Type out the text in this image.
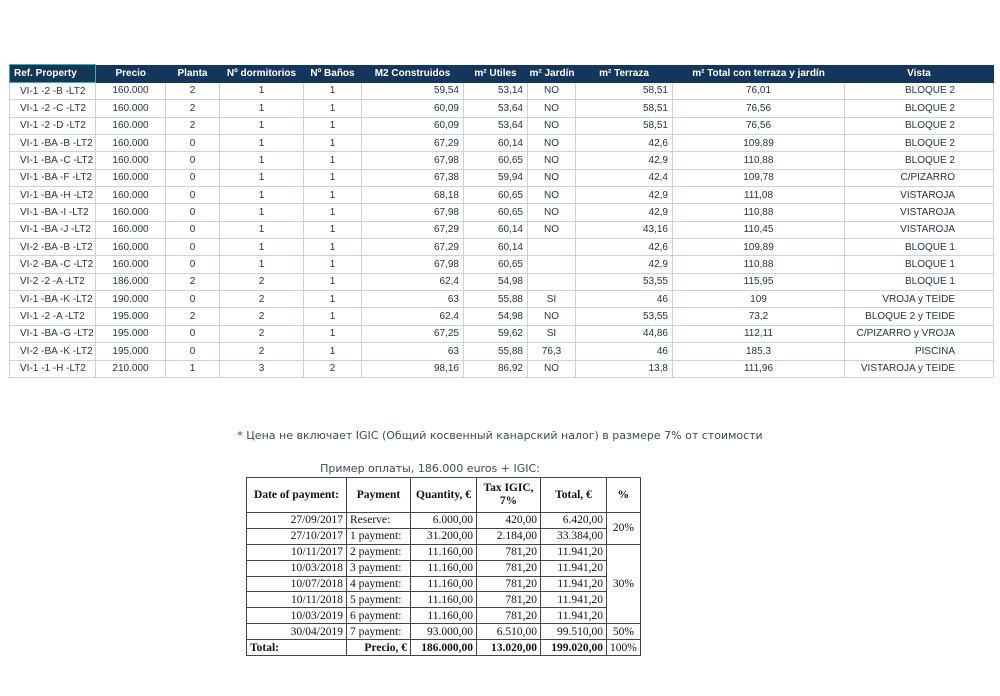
Ref. Property	Precio	Planta	Nº dormitorios	Nº Baños	M2 Construidos	m² Utiles	m² Jardín	m² Terraza	m² Total con terraza y jardín	Vista
VI-1 -2 -B -LT2	160.000	2	1	1	59,54	53,14	NO	58,51	76,01	BLOQUE 2
VI-1 -2 -C -LT2	160.000	2	1	1	60,09	53,64	NO	58,51	76,56	BLOQUE 2
VI-1 -2 -D -LT2	160.000	2	1	1	60,09	53,64	NO	58,51	76,56	BLOQUE 2
VI-1 -BA -B -LT2	160.000	0	1	1	67,29	60,14	NO	42,6	109,89	BLOQUE 2
VI-1 -BA -C -LT2	160.000	0	1	1	67,98	60,65	NO	42,9	110,88	BLOQUE 2
VI-1 -BA -F -LT2	160.000	0	1	1	67,38	59,94	NO	42,4	109,78	C/PIZARRO
VI-1 -BA -H -LT2	160.000	0	1	1	68,18	60,65	NO	42,9	111,08	VISTAROJA
VI-1 -BA -I -LT2	160.000	0	1	1	67,98	60,65	NO	42,9	110,88	VISTAROJA
VI-1 -BA -J -LT2	160.000	0	1	1	67,29	60,14	NO	43,16	110,45	VISTAROJA
VI-2 -BA -B -LT2	160.000	0	1	1	67,29	60,14		42,6	109,89	BLOQUE 1
VI-2 -BA -C -LT2	160.000	0	1	1	67,98	60,65		42,9	110,88	BLOQUE 1
VI-2 -2 -A -LT2	186.000	2	2	1	62,4	54,98		53,55	115,95	BLOQUE 1
VI-1 -BA -K -LT2	190.000	0	2	1	63	55,88	SI	46	109	VROJA y TEIDE
VI-1 -2 -A -LT2	195.000	2	2	1	62,4	54,98	NO	53,55	73,2	BLOQUE 2 y TEIDE
VI-1 -BA -G -LT2	195.000	0	2	1	67,25	59,62	SI	44,86	112,11	C/PIZARRO y VROJA
VI-2 -BA -K -LT2	195.000	0	2	1	63	55,88	76,3	46	185,3	PISCINA
VI-1 -1 -H -LT2	210.000	1	3	2	98,16	86,92	NO	13,8	111,96	VISTAROJA y TEIDE
* Цена не включает IGIC (Общий косвенный канарский налог) в размере 7% от стоимости
Пример оплаты, 186.000 euros + IGIC:
Date of payment:	Payment	Quantity, €	Tax IGIC, 7%	Total, €	%
27/09/2017	Reserve:	6.000,00	420,00	6.420,00	20%
27/10/2017	1 payment:	31.200,00	2.184,00	33.384,00	
10/11/2017	2 payment:	11.160,00	781,20	11.941,20	30%
10/03/2018	3 payment:	11.160,00	781,20	11.941,20	
10/07/2018	4 payment:	11.160,00	781,20	11.941,20	
10/11/2018	5 payment:	11.160,00	781,20	11.941,20	
10/03/2019	6 payment:	11.160,00	781,20	11.941,20	
30/04/2019	7 payment:	93.000,00	6.510,00	99.510,00	50%
Total:	Precio, €	186.000,00	13.020,00	199.020,00	100%
